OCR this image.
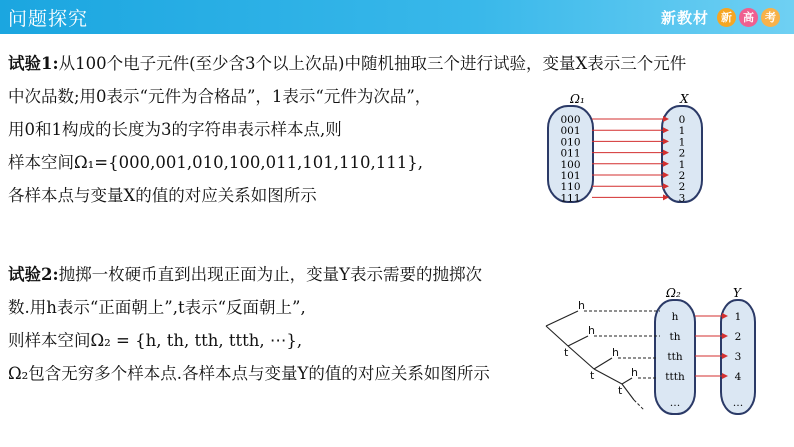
问题探究	新教材	新	高	考
试验1:从100个电子元件(至少含3个以上次品)中随机抽取三个进行试验，变量X表示三个元件
中次品数;用0表示“元件为合格品”，1表示“元件为次品”，
用0和1构成的长度为3的字符串表示样本点,则
样本空间Ω₁={000,001,010,100,011,101,110,111},
各样本点与变量X的值的对应关系如图所示
试验2:抛掷一枚硬币直到出现正面为止，变量Y表示需要的抛掷次
数.用h表示“正面朝上”,t表示“反面朝上”,
则样本空间Ω₂ = {h, th, tth, ttth, ⋯},
Ω₂包含无穷多个样本点.各样本点与变量Y的值的对应关系如图所示
Ω₁	X
000	0
001	1
010	1
011	2
100	1
101	2
110	2
111	3
Ω₂	Y
h
h
h
h
t
t
t
h	1
th	2
tth	3
ttth	4
…	…
